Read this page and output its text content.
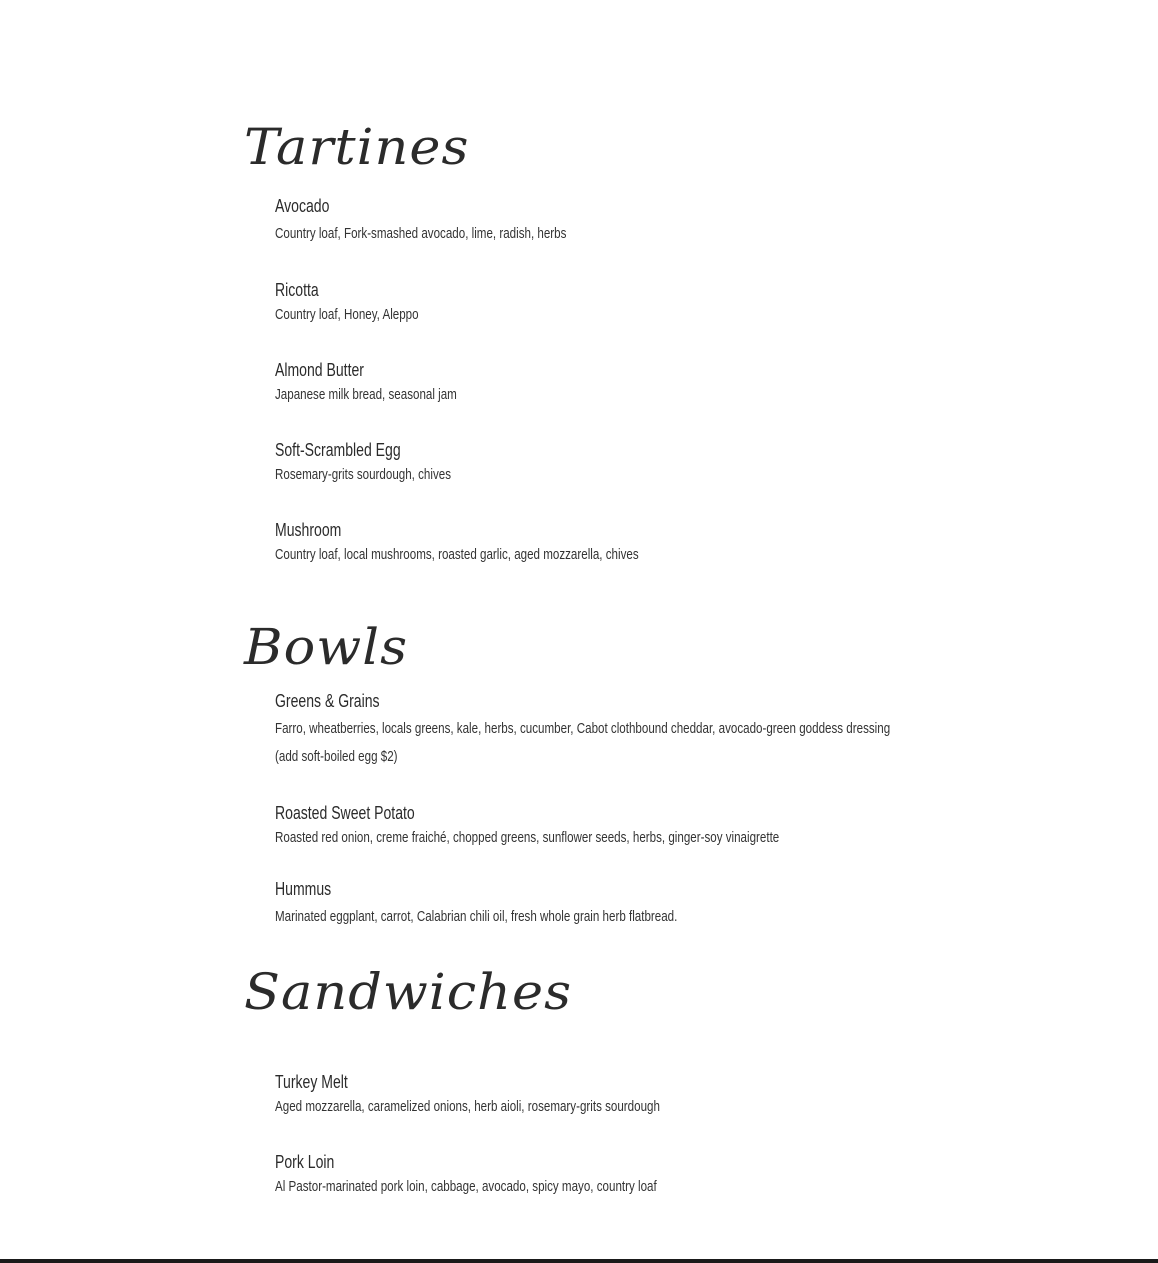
Tartines
Avocado
Country loaf, Fork-smashed avocado, lime, radish, herbs
Ricotta
Country loaf, Honey, Aleppo
Almond Butter
Japanese milk bread, seasonal jam
Soft-Scrambled Egg
Rosemary-grits sourdough, chives
Mushroom
Country loaf, local mushrooms, roasted garlic, aged mozzarella, chives
Bowls
Greens & Grains
Farro, wheatberries, locals greens, kale, herbs, cucumber, Cabot clothbound cheddar, avocado-green goddess dressing
(add soft-boiled egg $2)
Roasted Sweet Potato
Roasted red onion, creme fraiché, chopped greens, sunflower seeds, herbs, ginger-soy vinaigrette
Hummus
Marinated eggplant, carrot, Calabrian chili oil, fresh whole grain herb flatbread.
Sandwiches
Turkey Melt
Aged mozzarella, caramelized onions, herb aioli, rosemary-grits sourdough
Pork Loin
Al Pastor-marinated pork loin, cabbage, avocado, spicy mayo, country loaf
